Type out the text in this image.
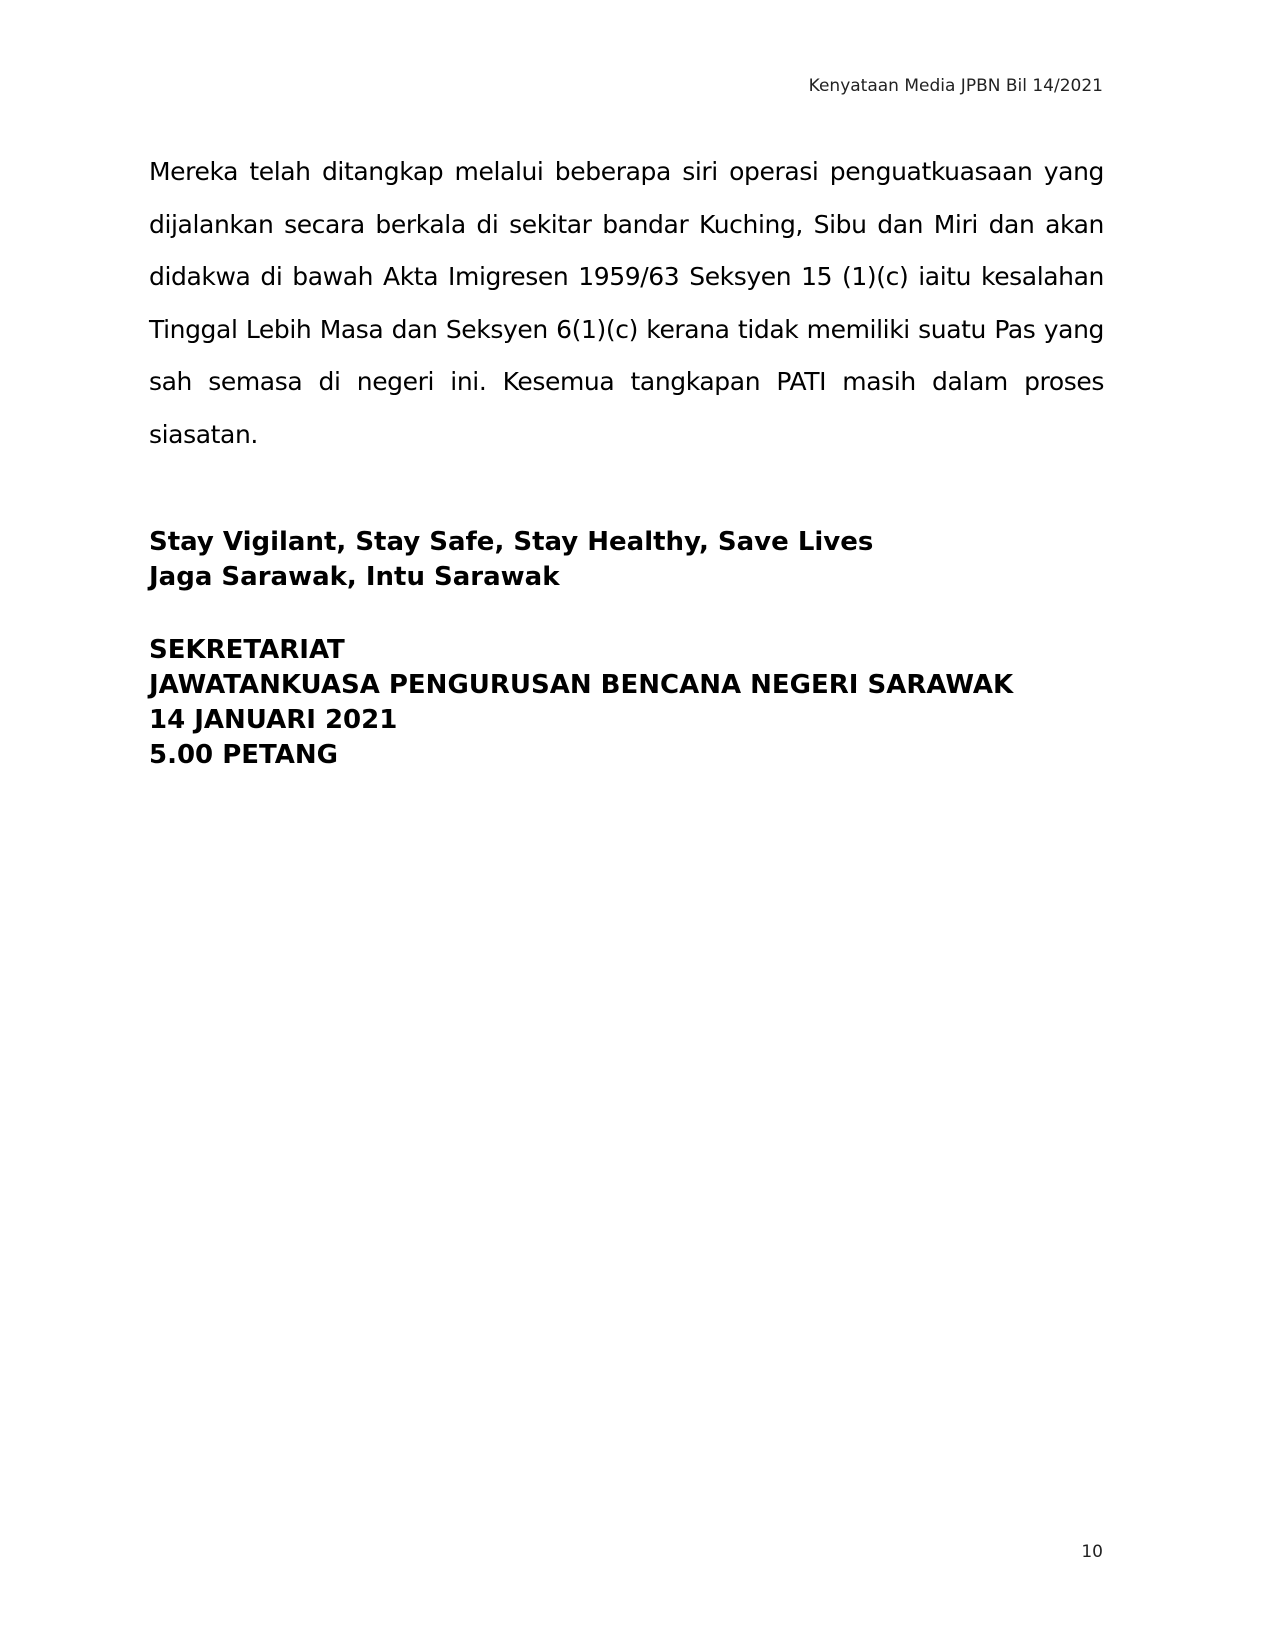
Kenyataan Media JPBN Bil 14/2021

Mereka telah ditangkap melalui beberapa siri operasi penguatkuasaan yang dijalankan secara berkala di sekitar bandar Kuching, Sibu dan Miri dan akan didakwa di bawah Akta Imigresen 1959/63 Seksyen 15 (1)(c) iaitu kesalahan Tinggal Lebih Masa dan Seksyen 6(1)(c) kerana tidak memiliki suatu Pas yang sah semasa di negeri ini. Kesemua tangkapan PATI masih dalam proses siasatan.

Stay Vigilant, Stay Safe, Stay Healthy, Save Lives
Jaga Sarawak, Intu Sarawak
SEKRETARIAT
JAWATANKUASA PENGURUSAN BENCANA NEGERI SARAWAK
14 JANUARI 2021
5.00 PETANG
10
